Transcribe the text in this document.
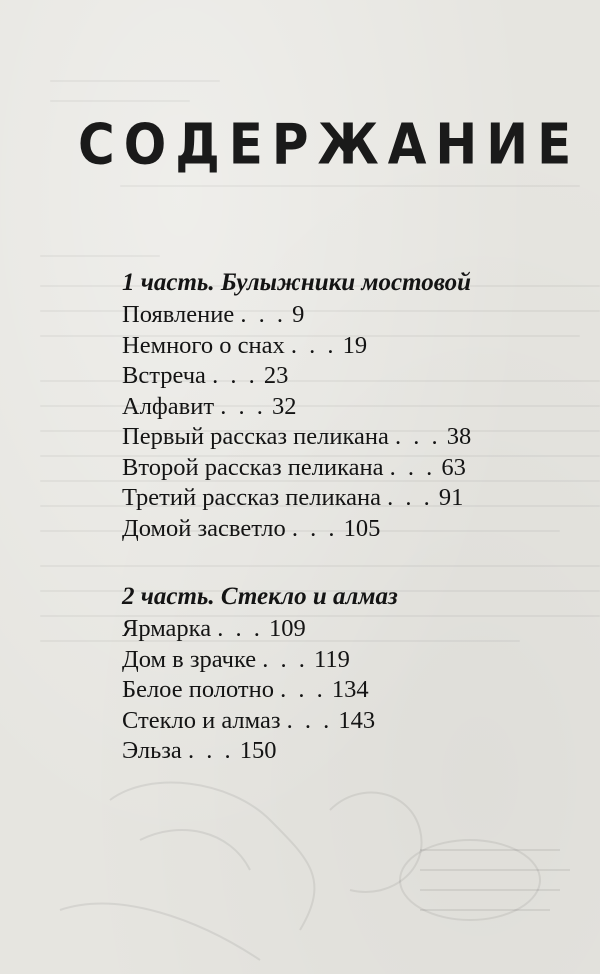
СОДЕРЖАНИЕ

1 часть. Булыжники мостовой

Появление . . . 9
Немного о снах . . . 19
Встреча . . . 23
Алфавит . . . 32
Первый рассказ пеликана . . . 38
Второй рассказ пеликана . . . 63
Третий рассказ пеликана . . . 91
Домой засветло . . . 105

2 часть. Стекло и алмаз

Ярмарка . . . 109
Дом в зрачке . . . 119
Белое полотно . . . 134
Стекло и алмаз . . . 143
Эльза . . . 150
